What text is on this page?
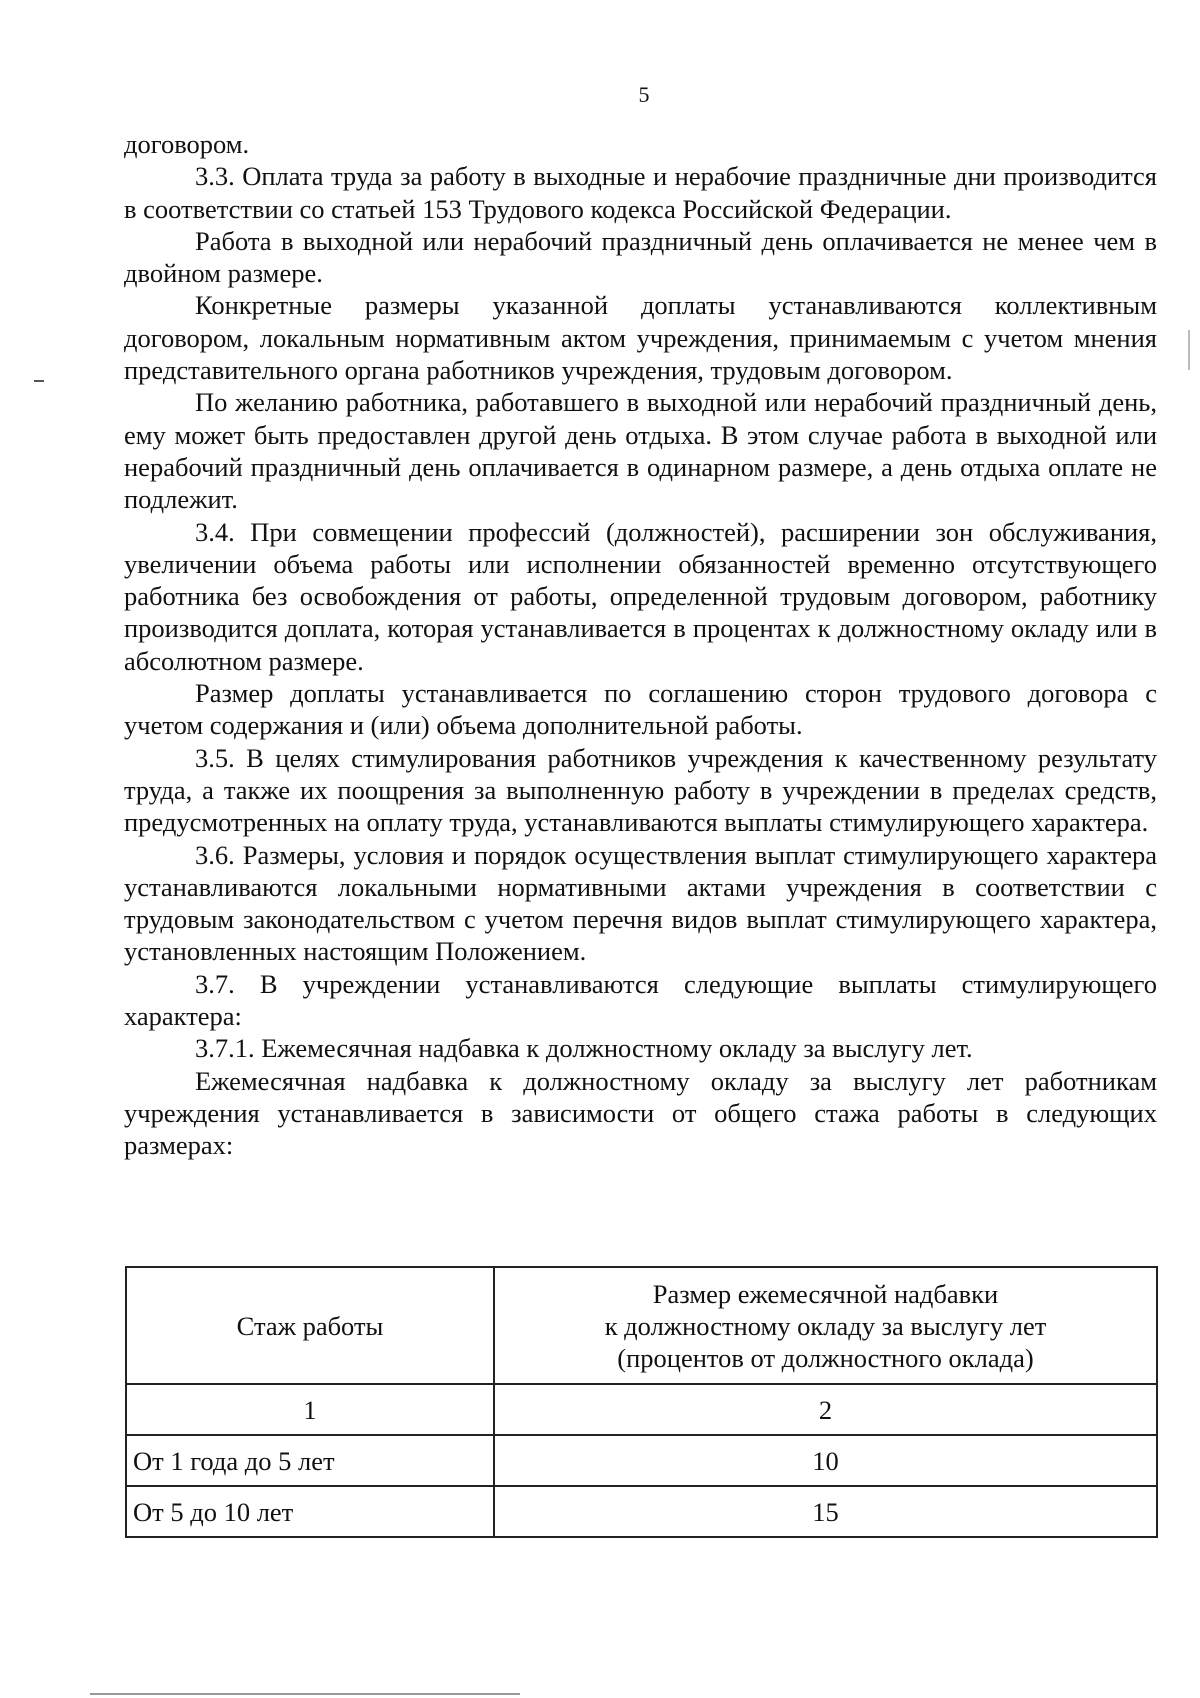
5

договором.

3.3. Оплата труда за работу в выходные и нерабочие праздничные дни производится в соответствии со статьей 153 Трудового кодекса Российской Федерации.

Работа в выходной или нерабочий праздничный день оплачивается не менее чем в двойном размере.

Конкретные размеры указанной доплаты устанавливаются коллективным договором, локальным нормативным актом учреждения, принимаемым с учетом мнения представительного органа работников учреждения, трудовым договором.

По желанию работника, работавшего в выходной или нерабочий праздничный день, ему может быть предоставлен другой день отдыха. В этом случае работа в выходной или нерабочий праздничный день оплачивается в одинарном размере, а день отдыха оплате не подлежит.

3.4. При совмещении профессий (должностей), расширении зон обслуживания, увеличении объема работы или исполнении обязанностей временно отсутствующего работника без освобождения от работы, определенной трудовым договором, работнику производится доплата, которая устанавливается в процентах к должностному окладу или в абсолютном размере.

Размер доплаты устанавливается по соглашению сторон трудового договора с учетом содержания и (или) объема дополнительной работы.

3.5. В целях стимулирования работников учреждения к качественному результату труда, а также их поощрения за выполненную работу в учреждении в пределах средств, предусмотренных на оплату труда, устанавливаются выплаты стимулирующего характера.

3.6. Размеры, условия и порядок осуществления выплат стимулирующего характера устанавливаются локальными нормативными актами учреждения в соответствии с трудовым законодательством с учетом перечня видов выплат стимулирующего характера, установленных настоящим Положением.

3.7. В учреждении устанавливаются следующие выплаты стимулирующего характера:

3.7.1. Ежемесячная надбавка к должностному окладу за выслугу лет.

Ежемесячная надбавка к должностному окладу за выслугу лет работникам учреждения устанавливается в зависимости от общего стажа работы в следующих размерах:

Стаж работы	Размер ежемесячной надбавки
к должностному окладу за выслугу лет
(процентов от должностного оклада)

1	2
От 1 года до 5 лет	10
От 5 до 10 лет	15
